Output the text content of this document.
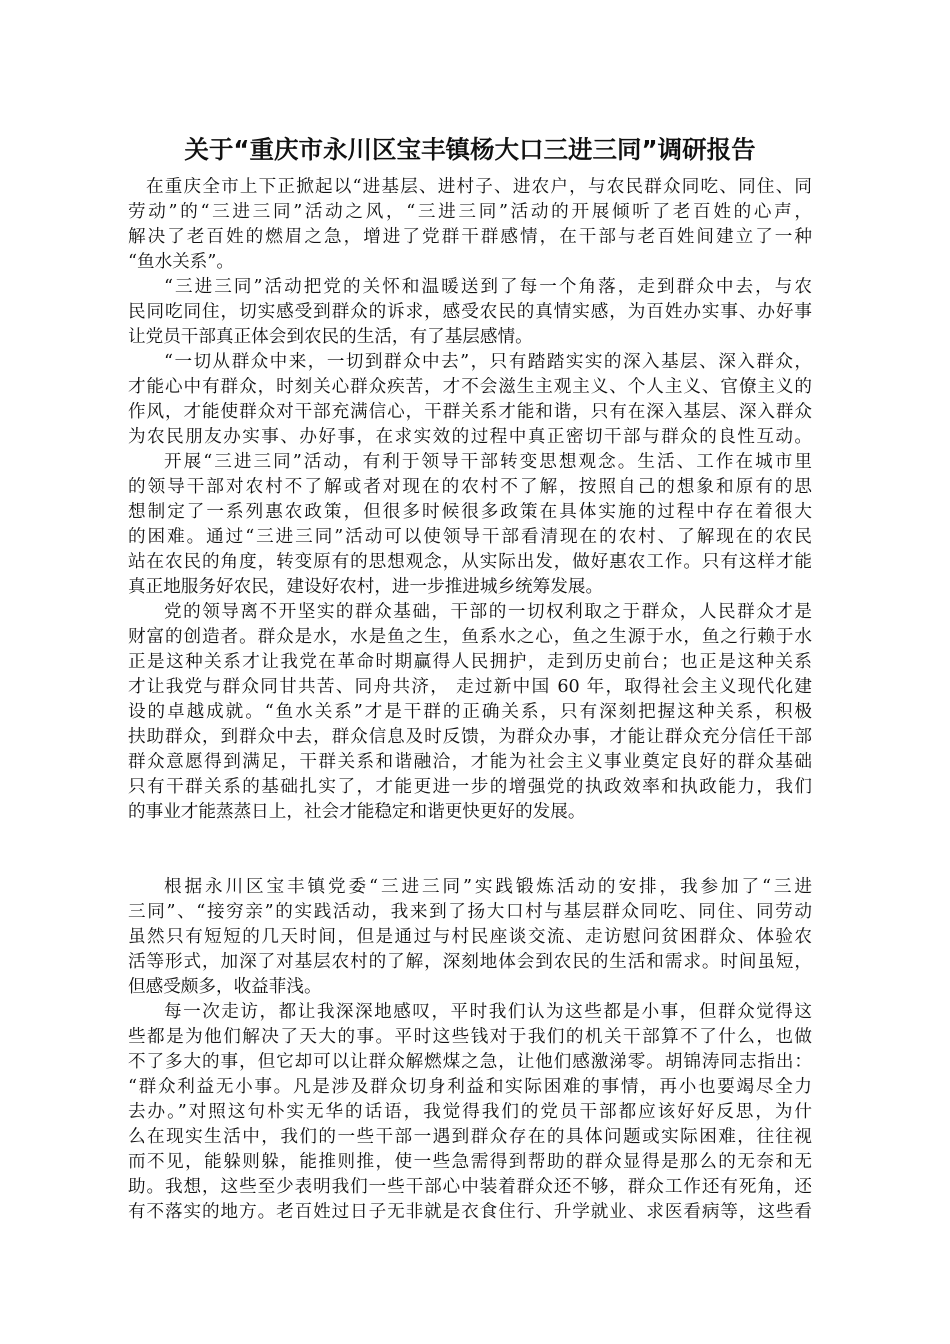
关于“重庆市永川区宝丰镇杨大口三进三同”调研报告

在重庆全市上下正掀起以“进基层、进村子、进农户，与农民群众同吃、同住、同
劳动”的“三进三同”活动之风，“三进三同”活动的开展倾听了老百姓的心声，
解决了老百姓的燃眉之急，增进了党群干群感情，在干部与老百姓间建立了一种
“鱼水关系”。

“三进三同”活动把党的关怀和温暖送到了每一个角落，走到群众中去，与农
民同吃同住，切实感受到群众的诉求，感受农民的真情实感，为百姓办实事、办好事
让党员干部真正体会到农民的生活，有了基层感情。

“一切从群众中来，一切到群众中去”，只有踏踏实实的深入基层、深入群众，
才能心中有群众，时刻关心群众疾苦，才不会滋生主观主义、个人主义、官僚主义的
作风，才能使群众对干部充满信心，干群关系才能和谐，只有在深入基层、深入群众
为农民朋友办实事、办好事，在求实效的过程中真正密切干部与群众的良性互动。

开展“三进三同”活动，有利于领导干部转变思想观念。生活、工作在城市里
的领导干部对农村不了解或者对现在的农村不了解，按照自己的想象和原有的思
想制定了一系列惠农政策，但很多时候很多政策在具体实施的过程中存在着很大
的困难。通过“三进三同”活动可以使领导干部看清现在的农村、了解现在的农民
站在农民的角度，转变原有的思想观念，从实际出发，做好惠农工作。只有这样才能
真正地服务好农民，建设好农村，进一步推进城乡统筹发展。

党的领导离不开坚实的群众基础，干部的一切权利取之于群众，人民群众才是
财富的创造者。群众是水，水是鱼之生，鱼系水之心，鱼之生源于水，鱼之行赖于水
正是这种关系才让我党在革命时期赢得人民拥护，走到历史前台；也正是这种关系
才让我党与群众同甘共苦、同舟共济， 走过新中国 60 年，取得社会主义现代化建
设的卓越成就。“鱼水关系”才是干群的正确关系，只有深刻把握这种关系，积极
扶助群众，到群众中去，群众信息及时反馈，为群众办事，才能让群众充分信任干部
群众意愿得到满足，干群关系和谐融洽，才能为社会主义事业奠定良好的群众基础
只有干群关系的基础扎实了，才能更进一步的增强党的执政效率和执政能力，我们
的事业才能蒸蒸日上，社会才能稳定和谐更快更好的发展。

根据永川区宝丰镇党委“三进三同”实践锻炼活动的安排，我参加了“三进
三同”、“接穷亲”的实践活动，我来到了扬大口村与基层群众同吃、同住、同劳动
虽然只有短短的几天时间，但是通过与村民座谈交流、走访慰问贫困群众、体验农
活等形式，加深了对基层农村的了解，深刻地体会到农民的生活和需求。时间虽短，
但感受颇多，收益菲浅。

每一次走访，都让我深深地感叹，平时我们认为这些都是小事，但群众觉得这
些都是为他们解决了天大的事。平时这些钱对于我们的机关干部算不了什么，也做
不了多大的事，但它却可以让群众解燃煤之急，让他们感激涕零。胡锦涛同志指出：
“群众利益无小事。凡是涉及群众切身利益和实际困难的事情，再小也要竭尽全力
去办。”对照这句朴实无华的话语，我觉得我们的党员干部都应该好好反思，为什
么在现实生活中，我们的一些干部一遇到群众存在的具体问题或实际困难，往往视
而不见，能躲则躲，能推则推，使一些急需得到帮助的群众显得是那么的无奈和无
助。我想，这些至少表明我们一些干部心中装着群众还不够，群众工作还有死角，还
有不落实的地方。老百姓过日子无非就是衣食住行、升学就业、求医看病等，这些看
